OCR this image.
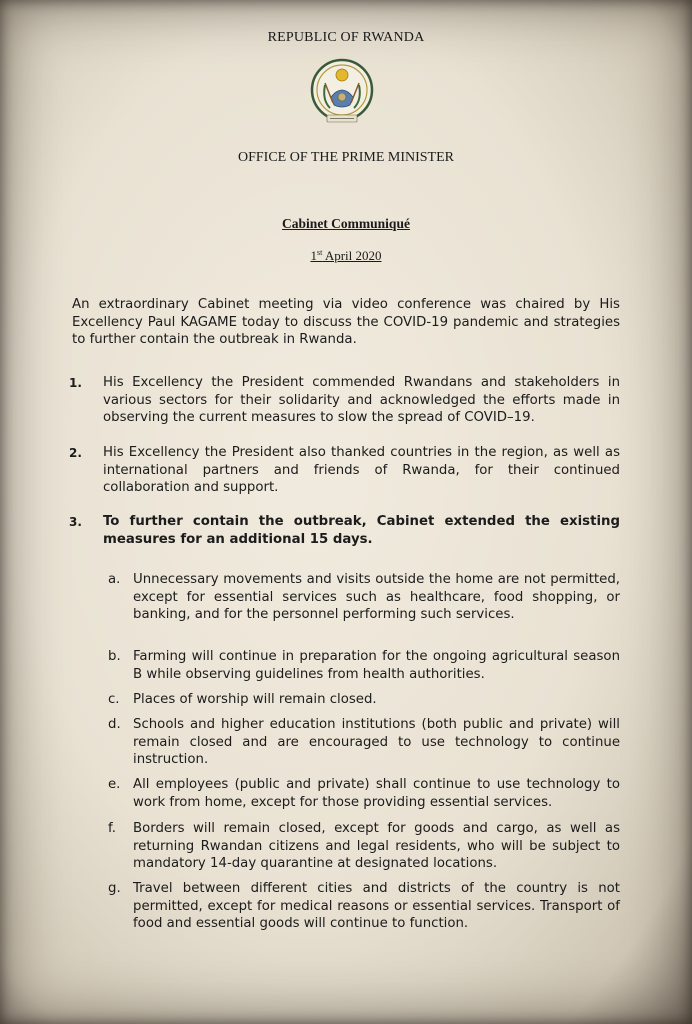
REPUBLIC OF RWANDA
OFFICE OF THE PRIME MINISTER
Cabinet Communiqué
1st April 2020
An extraordinary Cabinet meeting via video conference was chaired by His Excellency Paul KAGAME today to discuss the COVID-19 pandemic and strategies to further contain the outbreak in Rwanda.
1. His Excellency the President commended Rwandans and stakeholders in various sectors for their solidarity and acknowledged the efforts made in observing the current measures to slow the spread of COVID–19.
2. His Excellency the President also thanked countries in the region, as well as international partners and friends of Rwanda, for their continued collaboration and support.
3. To further contain the outbreak, Cabinet extended the existing measures for an additional 15 days.
a. Unnecessary movements and visits outside the home are not permitted, except for essential services such as healthcare, food shopping, or banking, and for the personnel performing such services.
b. Farming will continue in preparation for the ongoing agricultural season B while observing guidelines from health authorities.
c. Places of worship will remain closed.
d. Schools and higher education institutions (both public and private) will remain closed and are encouraged to use technology to continue instruction.
e. All employees (public and private) shall continue to use technology to work from home, except for those providing essential services.
f. Borders will remain closed, except for goods and cargo, as well as returning Rwandan citizens and legal residents, who will be subject to mandatory 14-day quarantine at designated locations.
g. Travel between different cities and districts of the country is not permitted, except for medical reasons or essential services. Transport of food and essential goods will continue to function.
